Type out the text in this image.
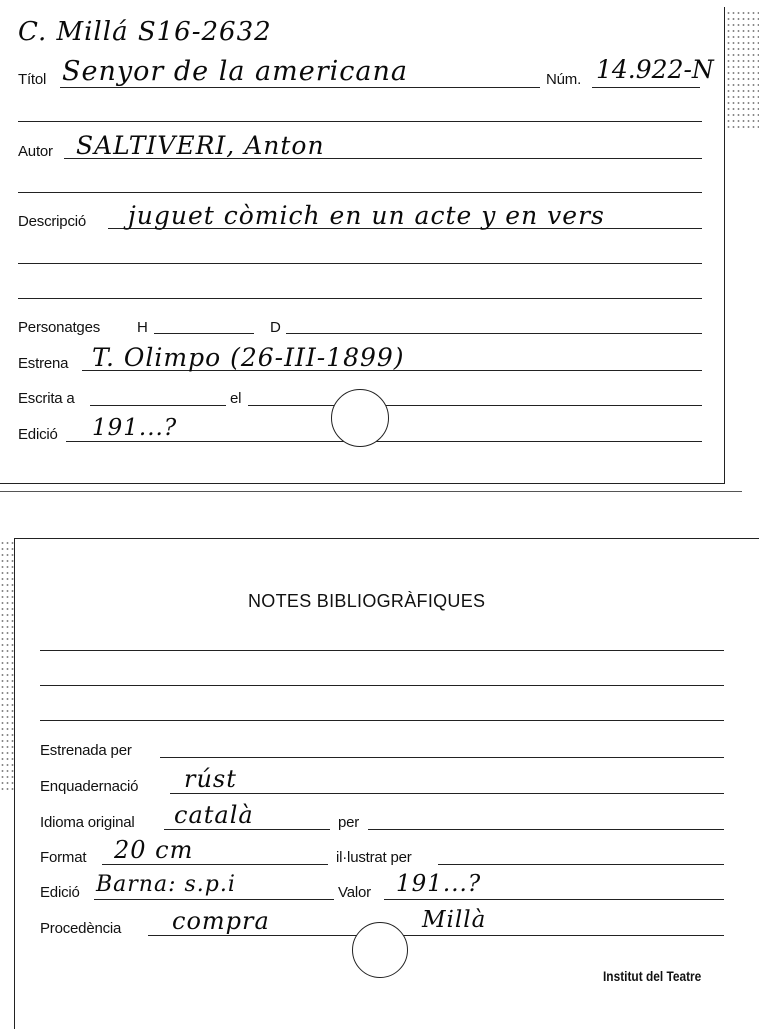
C. Millá S16-2632
Títol Senyor de la americana	Núm. 14.922-N
Autor SALTIVERI, Anton
Descripció juguet còmich en un acte y en vers
Personatges H	D
Estrena T. Olimpo (26-III-1899)
Escrita a	el
Edició 191...?
NOTES BIBLIOGRÀFIQUES
Estrenada per
Enquadernació rúst
Idioma original català	per
Format 20 cm	il·lustrat per
Edició Barna: s.p.i	Valor 191...?
Procedència compra	Millà
Institut del Teatre
